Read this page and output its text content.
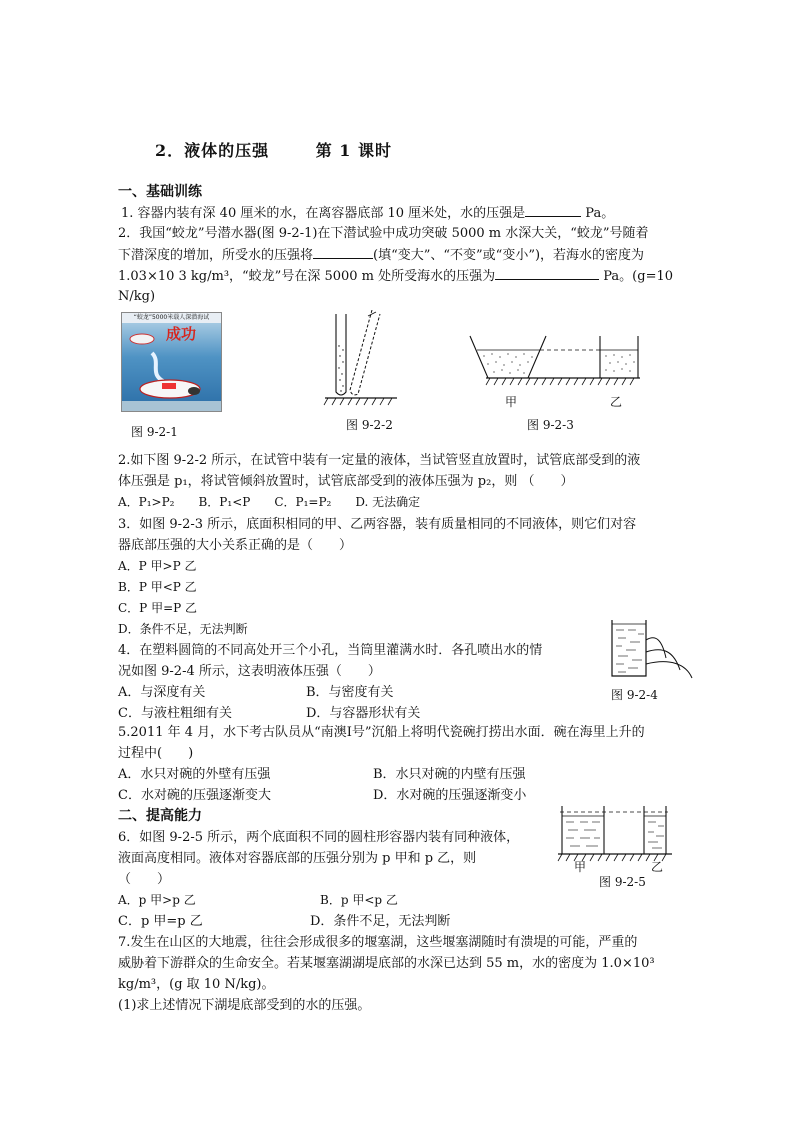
2．液体的压强	第 1 课时
一、基础训练
1. 容器内装有深 40 厘米的水，在离容器底部 10 厘米处，水的压强是	Pa。
2．我国“蛟龙”号潜水器(图 9-2-1)在下潜试验中成功突破 5000 m 水深大关，“蛟龙”号随着
下潜深度的增加，所受水的压强将	(填“变大”、“不变”或“变小”)，若海水的密度为
1.03×10 3 kg/m³，“蛟龙”号在深 5000 m 处所受海水的压强为	Pa。(g=10
N/kg)
“蛟龙”5000米载人深潜海试
成功
图 9-2-1	图 9-2-2
甲	乙
图 9-2-3
2.如下图 9-2-2 所示，在试管中装有一定量的液体，当试管竖直放置时，试管底部受到的液
体压强是 p₁，将试管倾斜放置时，试管底部受到的液体压强为 p₂，则 （　　）
A．P₁>P₂　　B．P₁<P　　C．P₁=P₂　　D. 无法确定
3．如图 9-2-3 所示，底面积相同的甲、乙两容器，装有质量相同的不同液体，则它们对容
器底部压强的大小关系正确的是（　　）
A．P 甲>P 乙
B．P 甲<P 乙
C．P 甲=P 乙
D．条件不足，无法判断
4．在塑料圆筒的不同高处开三个小孔，当筒里灌满水时．各孔喷出水的情
况如图 9-2-4 所示，这表明液体压强（　　）
A．与深度有关	B．与密度有关
C．与液柱粗细有关	D．与容器形状有关
图 9-2-4
5.2011 年 4 月，水下考古队员从“南澳Ⅰ号”沉船上将明代瓷碗打捞出水面．碗在海里上升的
过程中(　　)
A．水只对碗的外壁有压强	B．水只对碗的内壁有压强
C．水对碗的压强逐渐变大	D．水对碗的压强逐渐变小
二、提高能力
6．如图 9-2-5 所示，两个底面积不同的圆柱形容器内装有同种液体，
液面高度相同。液体对容器底部的压强分别为 p 甲和 p 乙，则
（　　）
A．p 甲>p 乙	B．p 甲<p 乙
C．p 甲=p 乙	D．条件不足，无法判断
甲	乙
图 9-2-5
7.发生在山区的大地震，往往会形成很多的堰塞湖，这些堰塞湖随时有溃堤的可能，严重的
威胁着下游群众的生命安全。若某堰塞湖湖堤底部的水深已达到 55 m，水的密度为 1.0×10³
kg/m³，(g 取 10 N/kg)。
(1)求上述情况下湖堤底部受到的水的压强。
